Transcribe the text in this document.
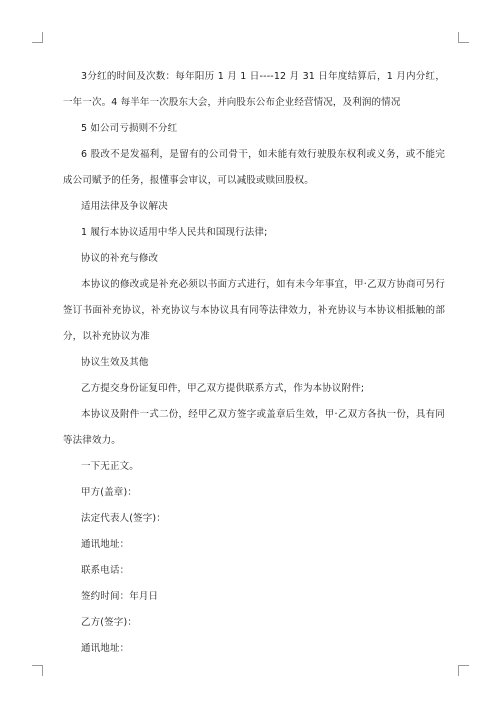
3分红的时间及次数：每年阳历 1 月 1 日----12 月 31 日年度结算后，1 月内分红，一年一次。4 每半年一次股东大会，并向股东公布企业经营情况，及利润的情况

5 如公司亏损则不分红

6 股改不是发福利，是留有的公司骨干，如未能有效行驶股东权利或义务，或不能完成公司赋予的任务，报懂事会审议，可以减股或赎回股权。

适用法律及争议解决

1 履行本协议适用中华人民共和国现行法律;

协议的补充与修改

本协议的修改或是补充必须以书面方式进行，如有未今年事宜，甲·乙双方协商可另行签订书面补充协议，补充协议与本协议具有同等法律效力，补充协议与本协议相抵触的部分，以补充协议为准

协议生效及其他

乙方提交身份证复印件，甲乙双方提供联系方式，作为本协议附件;

本协议及附件一式二份，经甲乙双方签字或盖章后生效，甲·乙双方各执一份，具有同等法律效力。

一下无正文。

甲方(盖章)：

法定代表人(签字)：

通讯地址：

联系电话：

签约时间：年月日

乙方(签字)：

通讯地址：
